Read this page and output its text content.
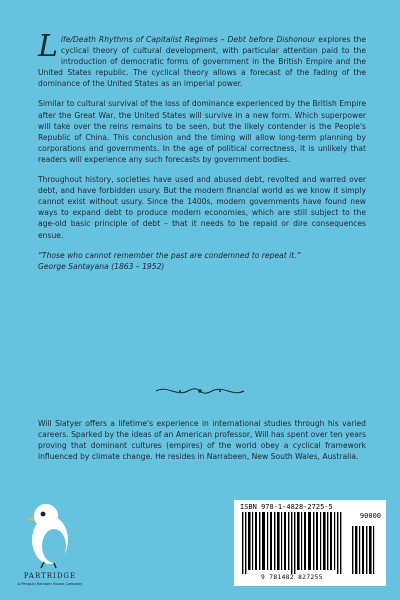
Life/Death Rhythms of Capitalist Regimes – Debt before Dishonour explores the cyclical theory of cultural development, with particular attention paid to the introduction of democratic forms of government in the British Empire and the United States republic. The cyclical theory allows a forecast of the fading of the dominance of the United States as an imperial power.

Similar to cultural survival of the loss of dominance experienced by the British Empire after the Great War, the United States will survive in a new form. Which superpower will take over the reins remains to be seen, but the likely contender is the People's Republic of China. This conclusion and the timing will allow long-term planning by corporations and governments. In the age of political correctness, it is unlikely that readers will experience any such forecasts by government bodies.

Throughout history, societies have used and abused debt, revolted and warred over debt, and have forbidden usury. But the modern financial world as we know it simply cannot exist without usury. Since the 1400s, modern governments have found new ways to expand debt to produce modern economies, which are still subject to the age-old basic principle of debt – that it needs to be repaid or dire consequences ensue.

“Those who cannot remember the past are condemned to repeat it.”
George Santayana (1863 – 1952)

Will Slatyer offers a lifetime's experience in international studies through his varied careers. Sparked by the ideas of an American professor, Will has spent over ten years proving that dominant cultures (empires) of the world obey a cyclical framework influenced by climate change. He resides in Narrabeen, New South Wales, Australia.

PARTRIDGE
A Penguin Random House Company
ISBN 978-1-4828-2725-5
90000
9 781482 827255
